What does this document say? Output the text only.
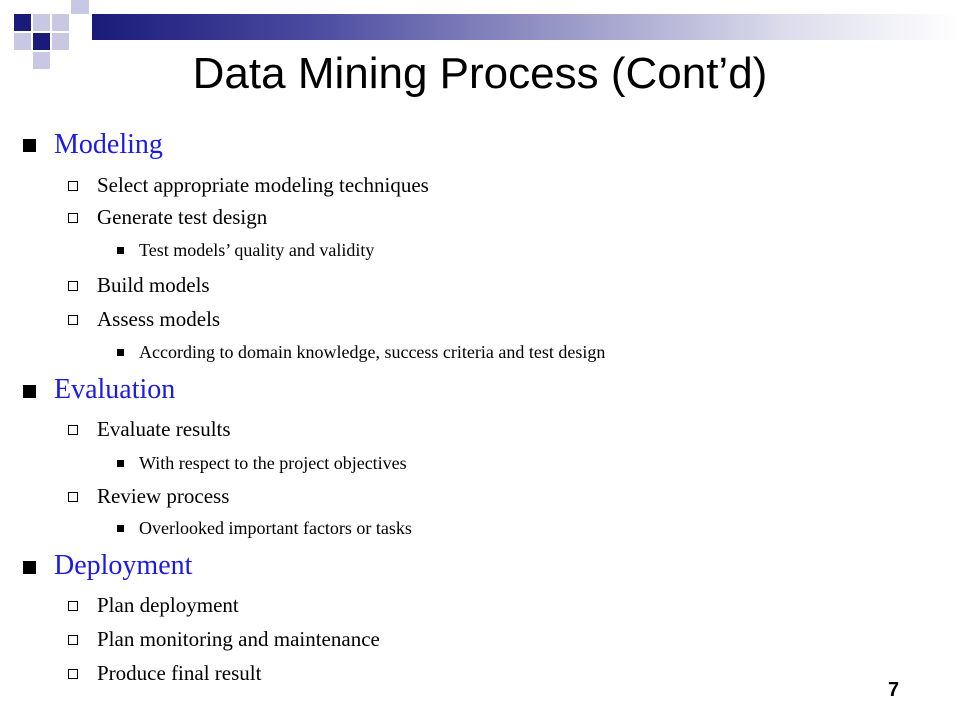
Data Mining Process (Cont’d)
Modeling
Select appropriate modeling techniques
Generate test design
Test models’ quality and validity
Build models
Assess models
According to domain knowledge, success criteria and test design
Evaluation
Evaluate results
With respect to the project objectives
Review process
Overlooked important factors or tasks
Deployment
Plan deployment
Plan monitoring and maintenance
Produce final result
7
